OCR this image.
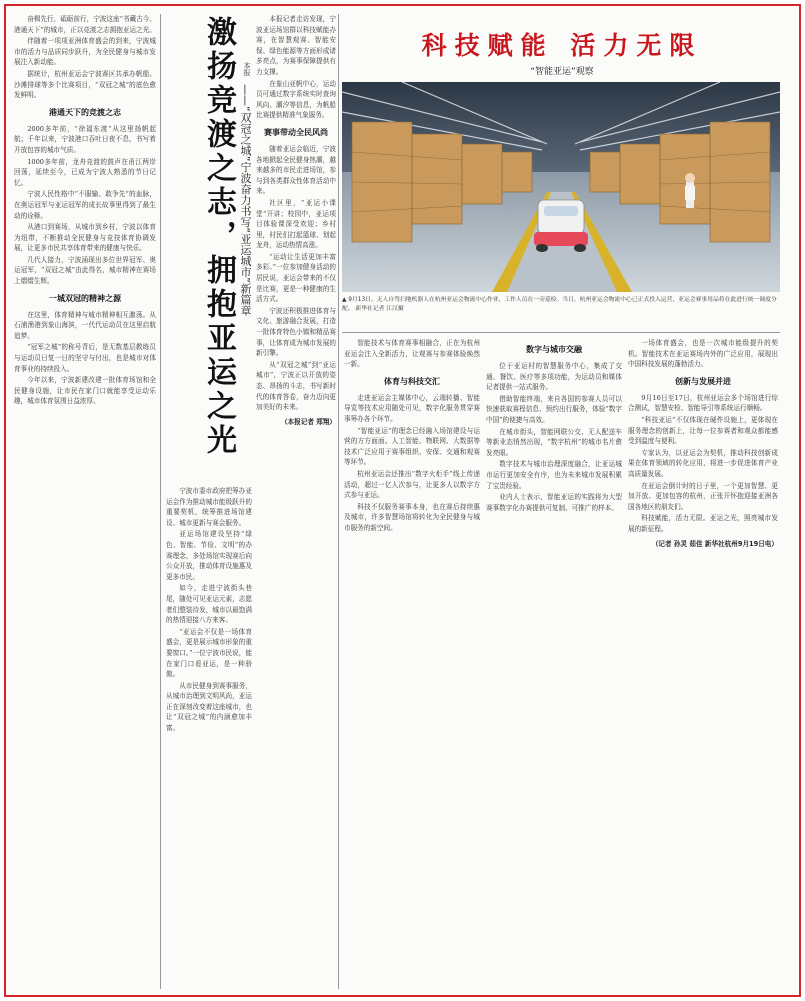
奋楫先行，砥砺前行，宁波这座“书藏古今、港通天下”的城市，正以竞渡之志拥抱亚运之光。

伴随着一项项亚洲体育盛会的到来，宁波城市的活力与品质同步跃升，为全民健身与城市发展注入新动能。

据统计，杭州亚运会宁波赛区共承办帆船、沙滩排球等多个比赛项目，“双冠之城”的底色愈发鲜明。

港通天下的竞渡之志

2000多年前，“徐福东渡”从这里扬帆起航；千年以来，宁波港口吞吐日夜不息，书写着开放包容的城市气质。

1000多年前，龙舟竞渡的鼓声在甬江两岸回荡，延续至今，已成为宁波人熟悉的节日记忆。

宁波人民性格中“不服输、敢争先”的血脉，在奥运冠军与亚运冠军的成长故事里得到了最生动的诠释。

从港口到赛场，从城市到乡村，宁波以体育为纽带，不断推动全民健身与竞技体育协调发展，让更多市民共享体育带来的健康与快乐。

几代人接力，宁波涌现出多位世界冠军、奥运冠军，“双冠之城”由此得名，城市精神在赛场上熠熠生辉。

一城双冠的精神之源

在这里，体育精神与城市精神相互激荡。从石浦渔港到象山海滨，一代代运动员在这里启航追梦。

“冠军之城”的称号背后，是无数基层教练员与运动员日复一日的坚守与付出，也是城市对体育事业的持续投入。

今年以来，宁波新建改建一批体育场馆和全民健身设施，让市民在家门口就能享受运动乐趣，城市体育氛围日益浓厚。	激扬竞渡之志，拥抱亚运之光 ——“双冠之城”宁波奋力书写“亚运城市”新篇章
本报

宁波市委市政府把筹办亚运会作为推动城市能级跃升的重要契机，统筹推进场馆建设、城市更新与赛会服务。

亚运场馆建设坚持“绿色、智能、节俭、文明”的办赛理念，多处场馆实现赛后向公众开放，推动体育设施惠及更多市民。

如今，走进宁波街头巷尾，随处可见亚运元素，志愿者们整装待发，城市以最饱满的热情迎接八方来客。

“亚运会不仅是一场体育盛会，更是展示城市形象的重要窗口。”一位宁波市民说，能在家门口看亚运，是一种骄傲。

从市民健身到赛事服务，从城市治理到文明风尚，亚运正在深刻改变着这座城市，也让“双冠之城”的内涵愈加丰富。

本报记者走访发现，宁波亚运场馆群以科技赋能办赛，在智慧观赛、智能安保、绿色能源等方面形成诸多亮点，为赛事保障提供有力支撑。

在象山亚帆中心，运动员可通过数字系统实时查询风向、潮汐等信息，为帆船比赛提供精准气象服务。

赛事带动全民风尚

随着亚运会临近，宁波各地掀起全民健身热潮，越来越多的市民走进场馆，参与到各类群众性体育活动中来。

社区里，“亚运小课堂”开讲；校园中，亚运项目体验课深受欢迎；乡村里，村民们打起篮球、划起龙舟，运动热情高涨。

“运动让生活更加丰富多彩。”一位参加健身活动的居民说，亚运会带来的不仅是比赛，更是一种健康的生活方式。

宁波还积极推进体育与文化、旅游融合发展，打造一批体育特色小镇和精品赛事，让体育成为城市发展的新引擎。

从“双冠之城”到“亚运城市”，宁波正以开放的姿态、昂扬的斗志，书写新时代的体育答卷，奋力迈向更加美好的未来。

（本报记者 郑翔）
科技赋能 活力无限
“智能亚运”观察
▲ 9月13日，无人自驾扫地机器人在杭州亚运会物流中心作业，工作人员在一旁巡检。当日，杭州亚运会物流中心已正式投入运营，亚运会赛事用品将在此进行统一调度分配。 新华社记者 江汉摄

智能技术与体育赛事相融合，正在为杭州亚运会注入全新活力，让观赛与参赛体验焕然一新。

体育与科技交汇

走进亚运会主媒体中心，云端转播、智能导览等技术应用随处可见，数字化服务贯穿赛事筹办各个环节。

“智能亚运”的理念已经融入场馆建设与运营的方方面面。人工智能、物联网、大数据等技术广泛应用于赛事组织、安保、交通和观赛等环节。

杭州亚运会还推出“数字火炬手”线上传递活动，超过一亿人次参与，让更多人以数字方式参与亚运。

科技不仅服务赛事本身，也在赛后持续惠及城市，许多智慧场馆将转化为全民健身与城市服务的新空间。

数字与城市交融

位于亚运村的智慧服务中心，集成了交通、餐饮、医疗等多项功能，为运动员和媒体记者提供一站式服务。

借助智能终端，来自各国的参赛人员可以快速获取赛程信息、预约出行服务，体验“数字中国”的便捷与高效。

在城市街头，智能网联公交、无人配送车等新业态悄然出现，“数字杭州”的城市名片愈发亮眼。

数字技术与城市治理深度融合，让亚运城市运行更加安全有序，也为未来城市发展积累了宝贵经验。

业内人士表示，智能亚运的实践将为大型赛事数字化办赛提供可复制、可推广的样本。

一场体育盛会，也是一次城市能级提升的契机。智能技术在亚运赛场内外的广泛应用，展现出中国科技发展的蓬勃活力。

创新与发展并进

9月16日至17日，杭州亚运会多个场馆进行综合测试，智慧安检、智能导引等系统运行顺畅。

“科技亚运”不仅体现在硬件设施上，更体现在服务理念的创新上，让每一位参赛者和观众都能感受到温度与便利。

专家认为，以亚运会为契机，推动科技创新成果在体育领域的转化应用，将进一步促进体育产业高质量发展。

在亚运会倒计时的日子里，一个更加智慧、更加开放、更加包容的杭州，正张开怀抱迎接亚洲各国各地区的朋友们。

科技赋能，活力无限。亚运之光，照亮城市发展的新征程。

（记者 孙灵 茹佳 新华社杭州9月19日电）
